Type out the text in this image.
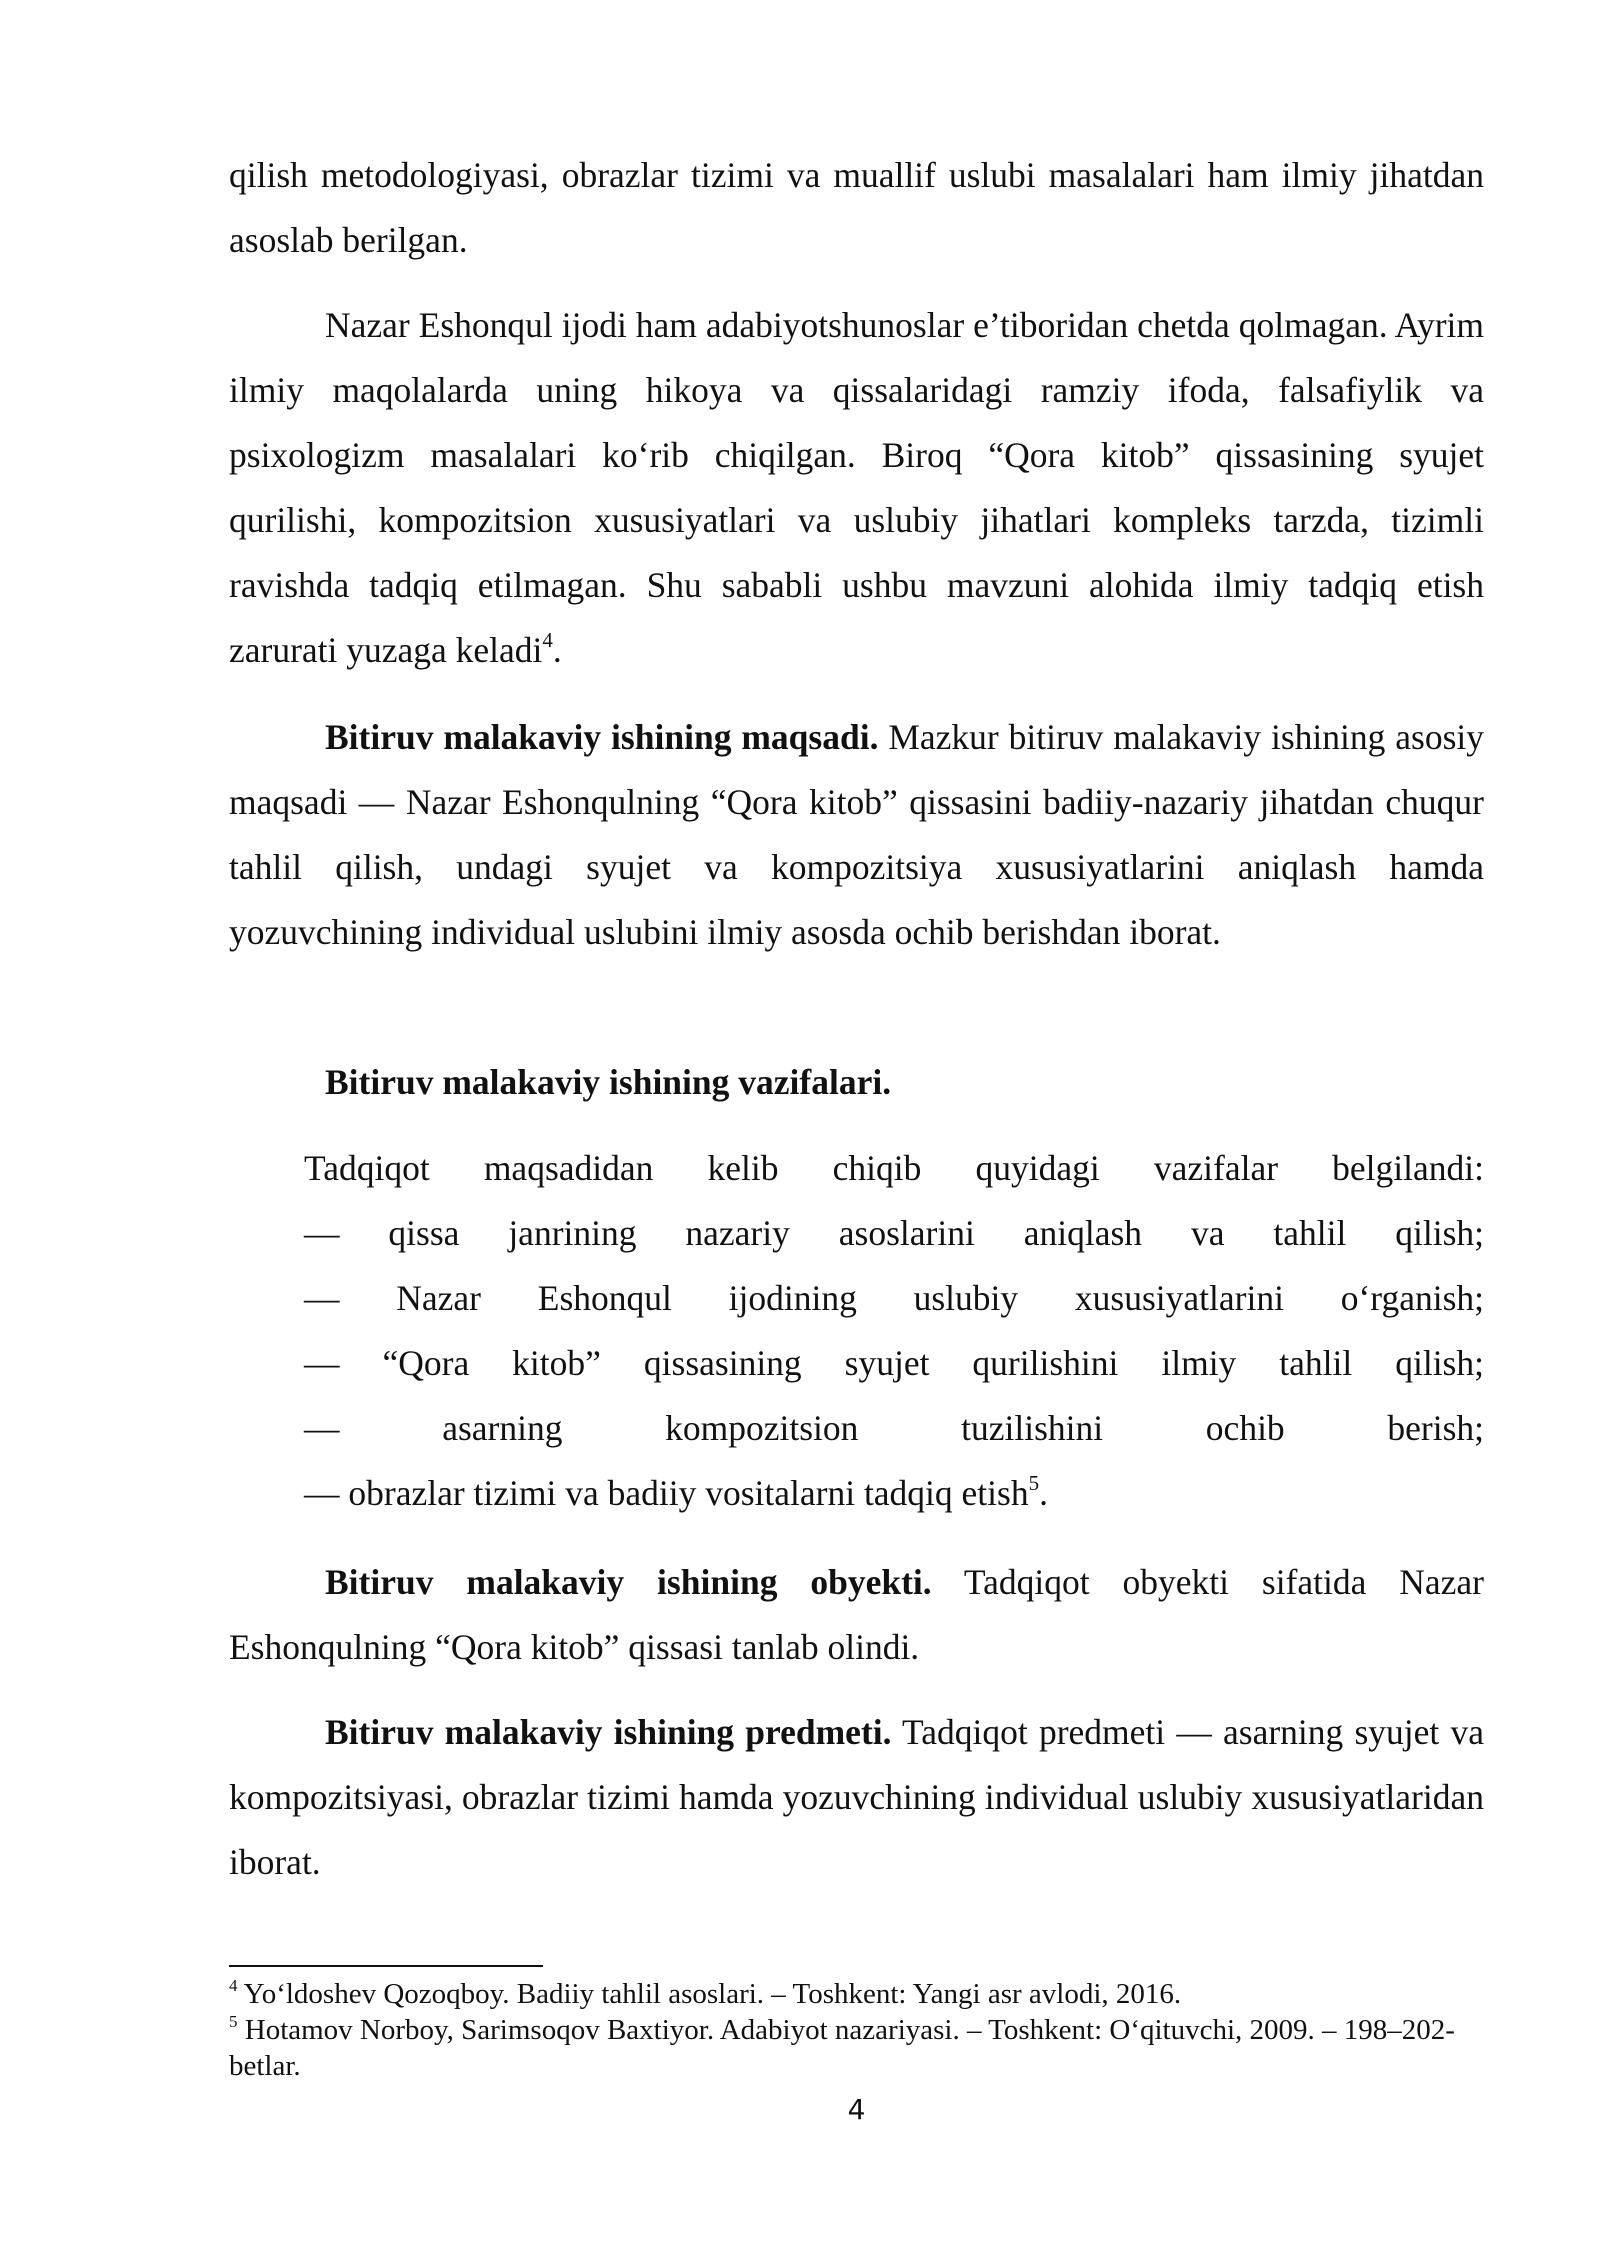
qilish metodologiyasi, obrazlar tizimi va muallif uslubi masalalari ham ilmiy jihatdan asoslab berilgan.

Nazar Eshonqul ijodi ham adabiyotshunoslar e’tiboridan chetda qolmagan. Ayrim ilmiy maqolalarda uning hikoya va qissalaridagi ramziy ifoda, falsafiylik va psixologizm masalalari ko‘rib chiqilgan. Biroq “Qora kitob” qissasining syujet qurilishi, kompozitsion xususiyatlari va uslubiy jihatlari kompleks tarzda, tizimli ravishda tadqiq etilmagan. Shu sababli ushbu mavzuni alohida ilmiy tadqiq etish zarurati yuzaga keladi$^4$.

Bitiruv malakaviy ishining maqsadi. Mazkur bitiruv malakaviy ishining asosiy maqsadi — Nazar Eshonqulning “Qora kitob” qissasini badiiy-nazariy jihatdan chuqur tahlil qilish, undagi syujet va kompozitsiya xususiyatlarini aniqlash hamda yozuvchining individual uslubini ilmiy asosda ochib berishdan iborat.

Bitiruv malakaviy ishining vazifalari.

Tadqiqot maqsadidan kelib chiqib quyidagi vazifalar belgilandi:
— qissa janrining nazariy asoslarini aniqlash va tahlil qilish;
— Nazar Eshonqul ijodining uslubiy xususiyatlarini o‘rganish;
— “Qora kitob” qissasining syujet qurilishini ilmiy tahlil qilish;
— asarning kompozitsion tuzilishini ochib berish;
— obrazlar tizimi va badiiy vositalarni tadqiq etish$^5$.

Bitiruv malakaviy ishining obyekti. Tadqiqot obyekti sifatida Nazar Eshonqulning “Qora kitob” qissasi tanlab olindi.

Bitiruv malakaviy ishining predmeti. Tadqiqot predmeti — asarning syujet va kompozitsiyasi, obrazlar tizimi hamda yozuvchining individual uslubiy xususiyatlaridan iborat.

$^4$ Yo‘ldoshev Qozoqboy. Badiiy tahlil asoslari. – Toshkent: Yangi asr avlodi, 2016.

$^5$ Hotamov Norboy, Sarimsoqov Baxtiyor. Adabiyot nazariyasi. – Toshkent: O‘qituvchi, 2009. – 198–202-betlar.

4
